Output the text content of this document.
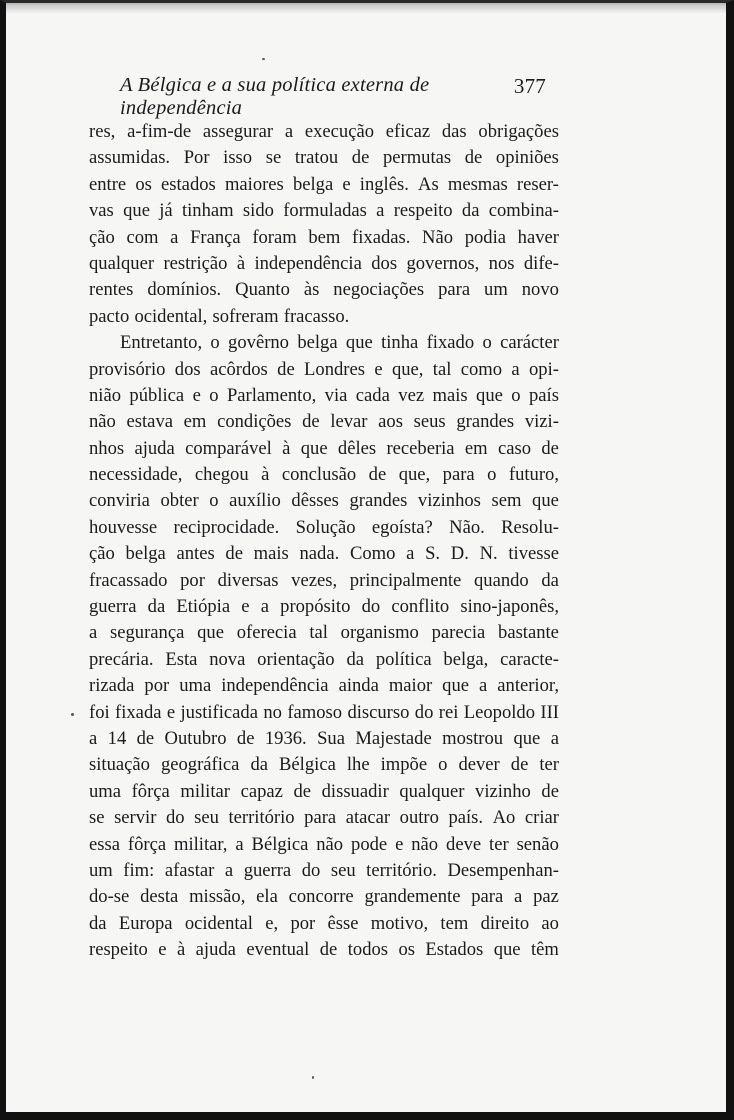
A Bélgica e a sua política externa de independência
377
res, a-fim-de assegurar a execução eficaz das obrigações
assumidas. Por isso se tratou de permutas de opiniões
entre os estados maiores belga e inglês. As mesmas reser-
vas que já tinham sido formuladas a respeito da combina-
ção com a França foram bem fixadas. Não podia haver
qualquer restrição à independência dos governos, nos dife-
rentes domínios. Quanto às negociações para um novo
pacto ocidental, sofreram fracasso.
Entretanto, o govêrno belga que tinha fixado o carácter
provisório dos acôrdos de Londres e que, tal como a opi-
nião pública e o Parlamento, via cada vez mais que o país
não estava em condições de levar aos seus grandes vizi-
nhos ajuda comparável à que dêles receberia em caso de
necessidade, chegou à conclusão de que, para o futuro,
conviria obter o auxílio dêsses grandes vizinhos sem que
houvesse reciprocidade. Solução egoísta? Não. Resolu-
ção belga antes de mais nada. Como a S. D. N. tivesse
fracassado por diversas vezes, principalmente quando da
guerra da Etiópia e a propósito do conflito sino-japonês,
a segurança que oferecia tal organismo parecia bastante
precária. Esta nova orientação da política belga, caracte-
rizada por uma independência ainda maior que a anterior,
foi fixada e justificada no famoso discurso do rei Leopoldo III
a 14 de Outubro de 1936. Sua Majestade mostrou que a
situação geográfica da Bélgica lhe impõe o dever de ter
uma fôrça militar capaz de dissuadir qualquer vizinho de
se servir do seu território para atacar outro país. Ao criar
essa fôrça militar, a Bélgica não pode e não deve ter senão
um fim: afastar a guerra do seu território. Desempenhan-
do-se desta missão, ela concorre grandemente para a paz
da Europa ocidental e, por êsse motivo, tem direito ao
respeito e à ajuda eventual de todos os Estados que têm
